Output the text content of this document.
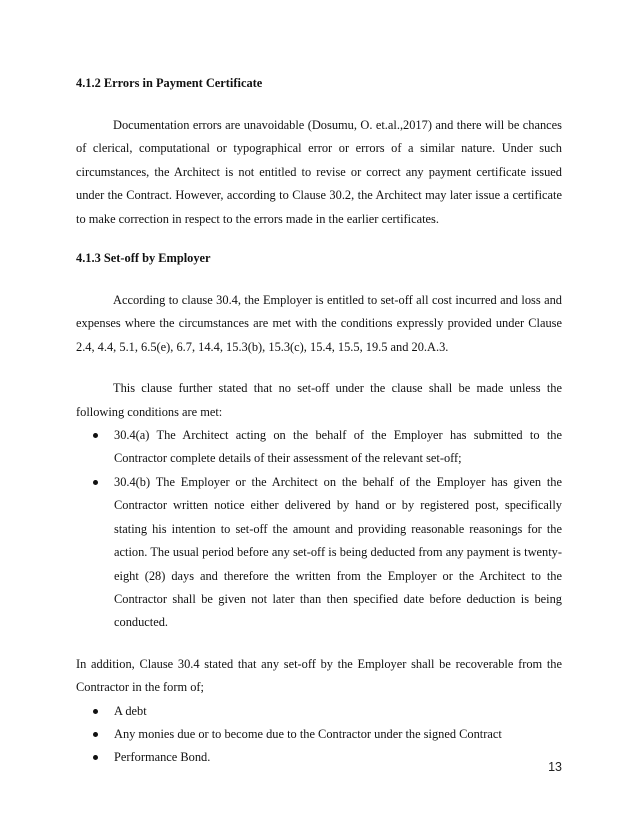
4.1.2 Errors in Payment Certificate

Documentation errors are unavoidable (Dosumu, O. et.al.,2017) and there will be chances of clerical, computational or typographical error or errors of a similar nature. Under such circumstances, the Architect is not entitled to revise or correct any payment certificate issued under the Contract. However, according to Clause 30.2, the Architect may later issue a certificate to make correction in respect to the errors made in the earlier certificates.

4.1.3 Set-off by Employer

According to clause 30.4, the Employer is entitled to set-off all cost incurred and loss and expenses where the circumstances are met with the conditions expressly provided under Clause 2.4, 4.4, 5.1, 6.5(e), 6.7, 14.4, 15.3(b), 15.3(c), 15.4, 15.5, 19.5 and 20.A.3.

This clause further stated that no set-off under the clause shall be made unless the following conditions are met:

30.4(a) The Architect acting on the behalf of the Employer has submitted to the Contractor complete details of their assessment of the relevant set-off;
30.4(b) The Employer or the Architect on the behalf of the Employer has given the Contractor written notice either delivered by hand or by registered post, specifically stating his intention to set-off the amount and providing reasonable reasonings for the action. The usual period before any set-off is being deducted from any payment is twenty-eight (28) days and therefore the written from the Employer or the Architect to the Contractor shall be given not later than then specified date before deduction is being conducted.

In addition, Clause 30.4 stated that any set-off by the Employer shall be recoverable from the Contractor in the form of;

A debt
Any monies due or to become due to the Contractor under the signed Contract
Performance Bond.
13
